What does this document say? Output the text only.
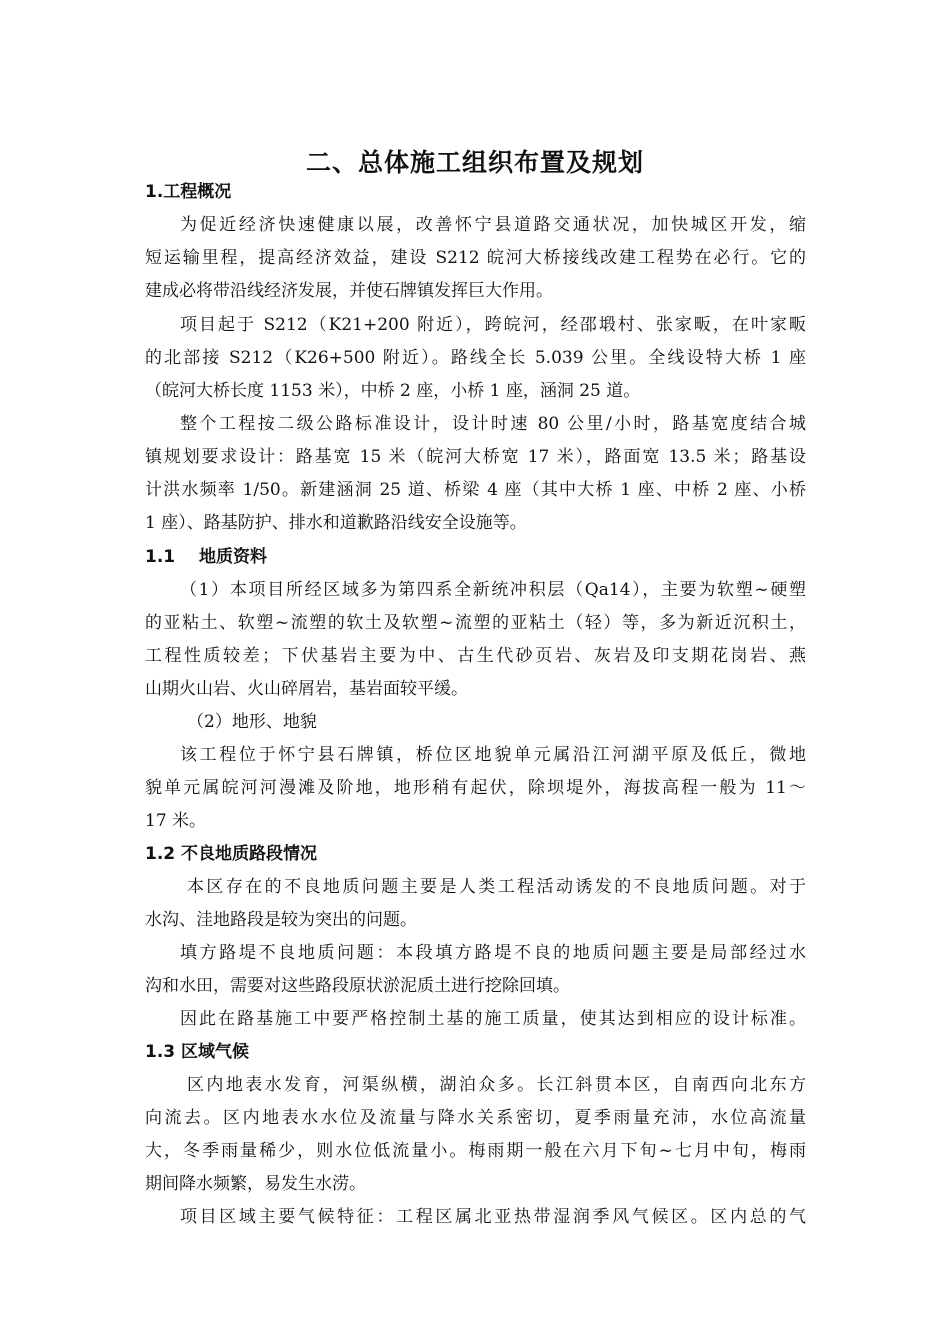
二、总体施工组织布置及规划
1.工程概况
为促近经济快速健康以展，改善怀宁县道路交通状况，加快城区开发，缩
短运输里程，提高经济效益，建设 S212 皖河大桥接线改建工程势在必行。它的
建成必将带沿线经济发展，并使石牌镇发挥巨大作用。
项目起于 S212（K21+200 附近），跨皖河，经邵塅村、张家畈，在叶家畈
的北部接 S212（K26+500 附近）。路线全长 5.039 公里。全线设特大桥 1 座
（皖河大桥长度 1153 米），中桥 2 座，小桥 1 座，涵洞 25 道。
整个工程按二级公路标准设计，设计时速 80 公里/小时，路基宽度结合城
镇规划要求设计：路基宽 15 米（皖河大桥宽 17 米），路面宽 13.5 米；路基设
计洪水频率 1/50。新建涵洞 25 道、桥梁 4 座（其中大桥 1 座、中桥 2 座、小桥
1 座）、路基防护、排水和道歉路沿线安全设施等。
1.1 地质资料
（1）本项目所经区域多为第四系全新统冲积层（Qa14），主要为软塑~硬塑
的亚粘土、软塑~流塑的软土及软塑~流塑的亚粘土（轻）等，多为新近沉积土，
工程性质较差；下伏基岩主要为中、古生代砂页岩、灰岩及印支期花岗岩、燕
山期火山岩、火山碎屑岩，基岩面较平缓。
（2）地形、地貌
该工程位于怀宁县石牌镇，桥位区地貌单元属沿江河湖平原及低丘，微地
貌单元属皖河河漫滩及阶地，地形稍有起伏，除坝堤外，海拔高程一般为 11～
17 米。
1.2 不良地质路段情况
本区存在的不良地质问题主要是人类工程活动诱发的不良地质问题。对于
水沟、洼地路段是较为突出的问题。
填方路堤不良地质问题：本段填方路堤不良的地质问题主要是局部经过水
沟和水田，需要对这些路段原状淤泥质土进行挖除回填。
因此在路基施工中要严格控制土基的施工质量，使其达到相应的设计标准。
1.3 区域气候
区内地表水发育，河渠纵横，湖泊众多。长江斜贯本区，自南西向北东方
向流去。区内地表水水位及流量与降水关系密切，夏季雨量充沛，水位高流量
大，冬季雨量稀少，则水位低流量小。梅雨期一般在六月下旬~七月中旬，梅雨
期间降水频繁，易发生水涝。
项目区域主要气候特征：工程区属北亚热带湿润季风气候区。区内总的气
